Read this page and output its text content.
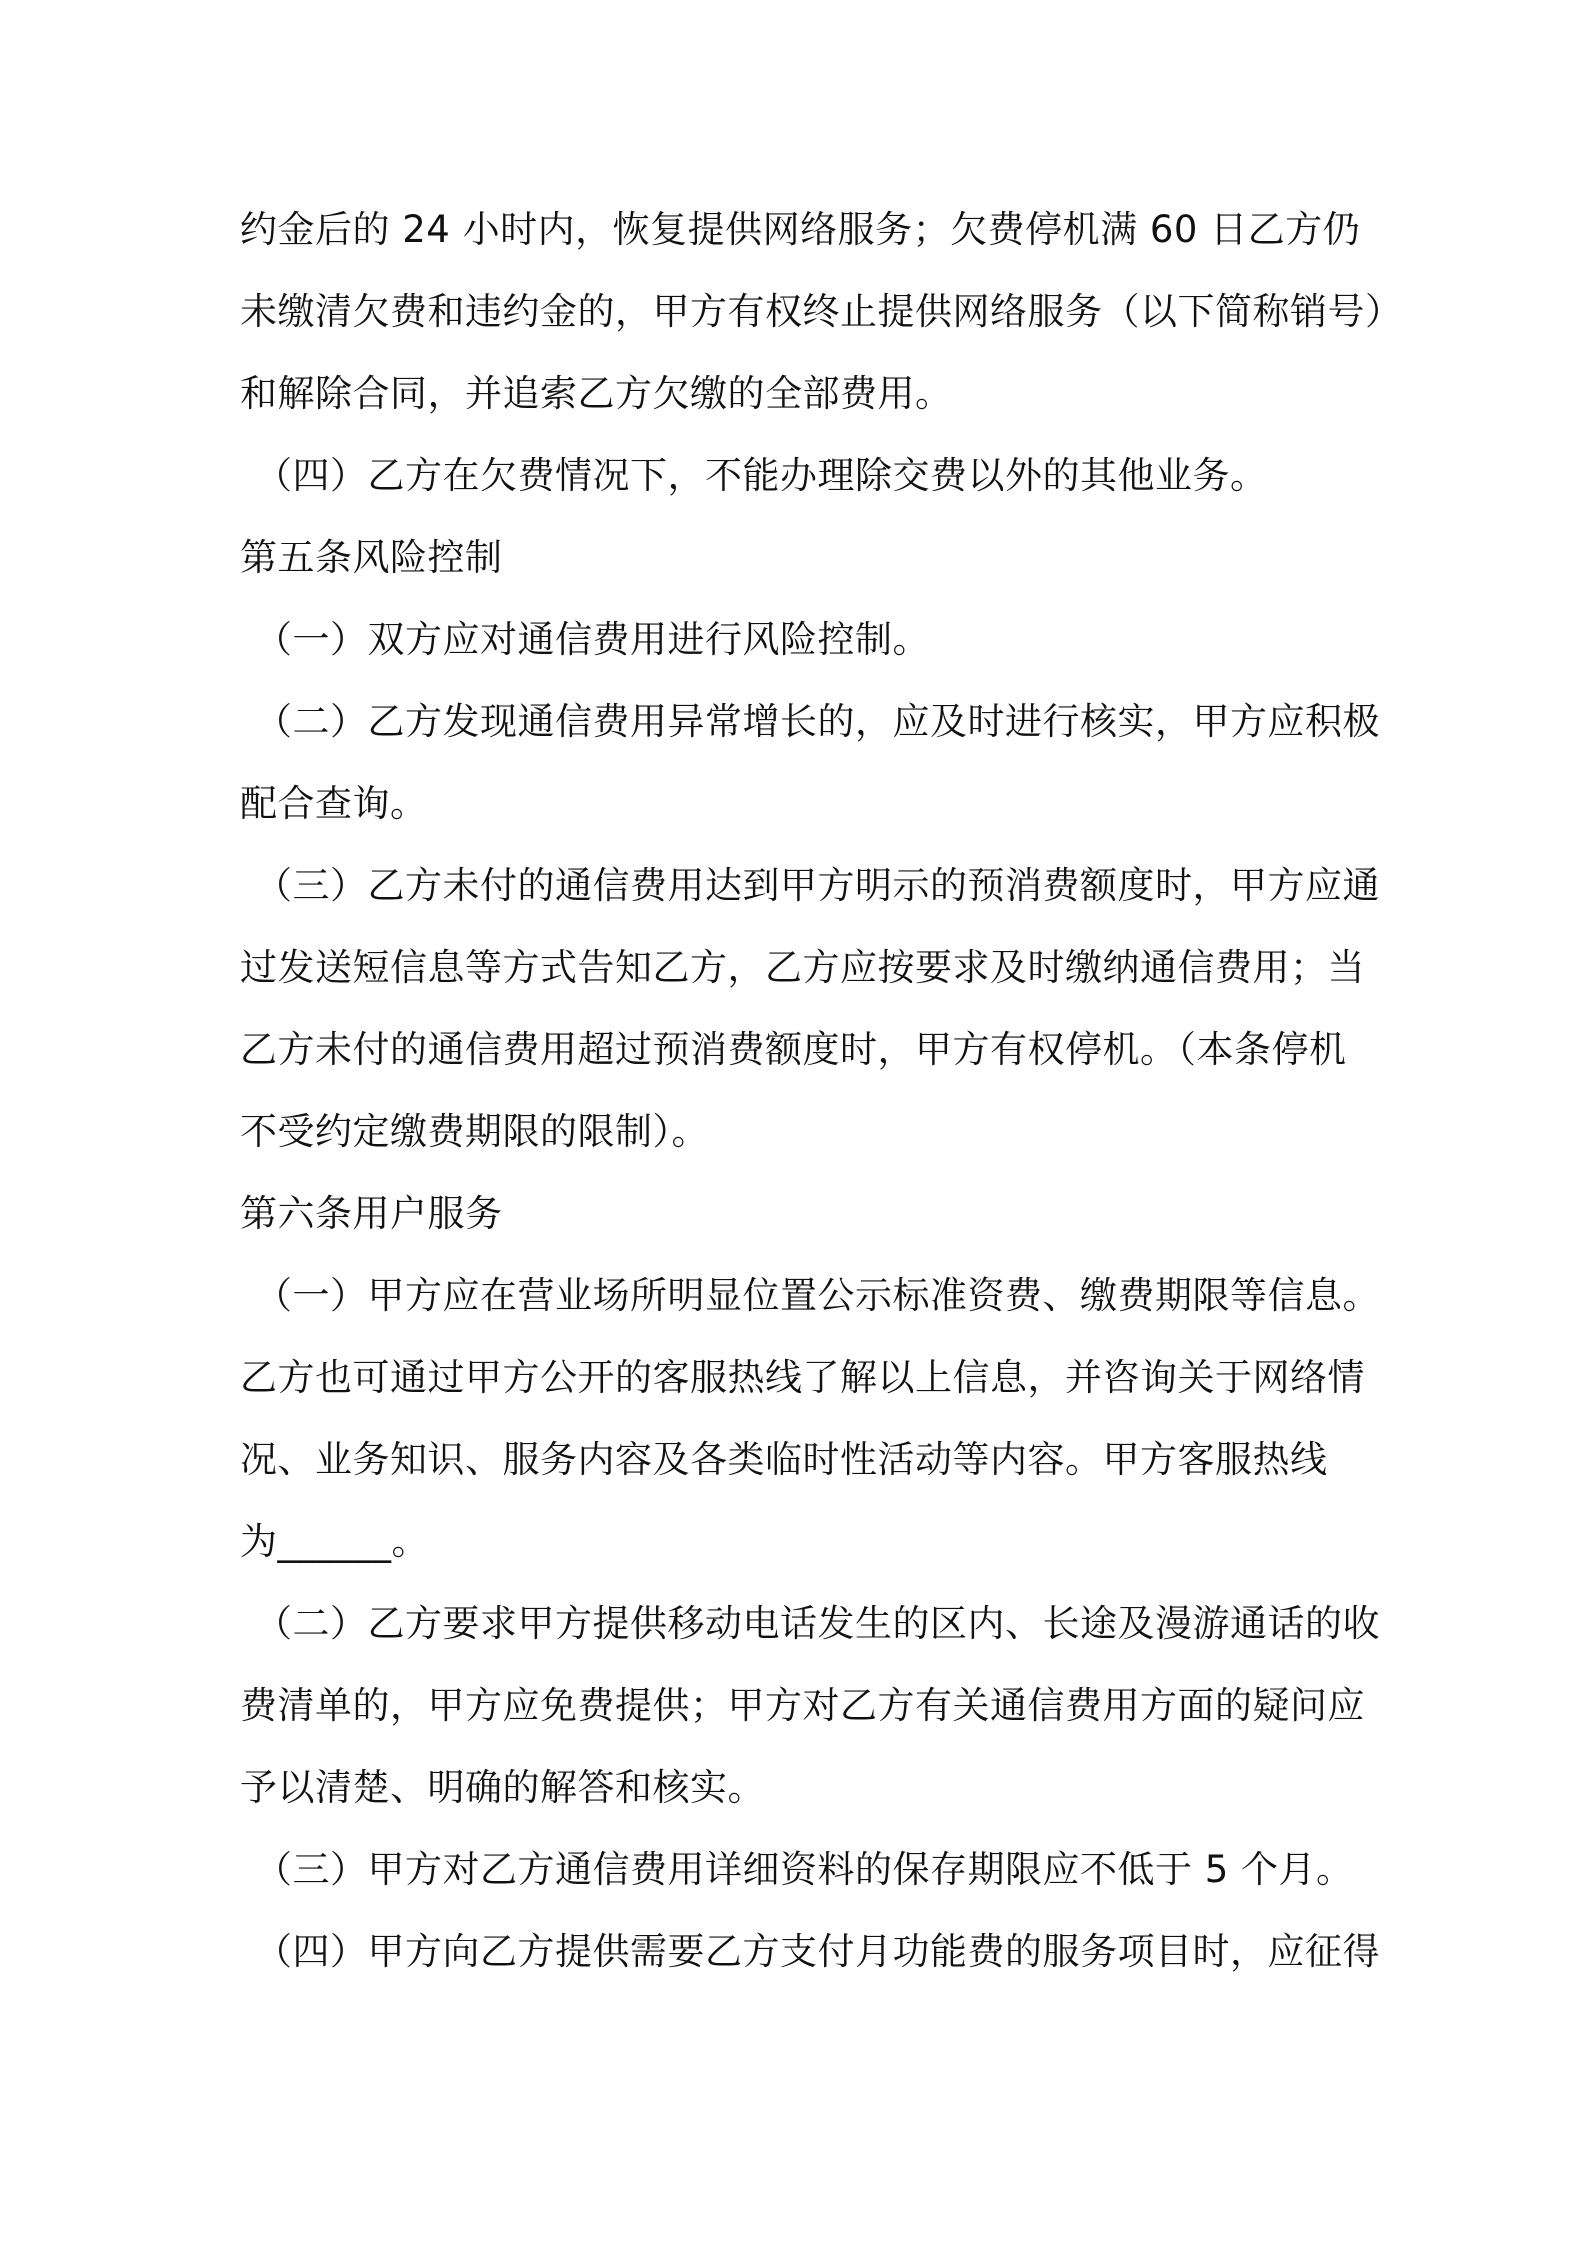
约金后的 24 小时内，恢复提供网络服务；欠费停机满 60 日乙方仍
未缴清欠费和违约金的，甲方有权终止提供网络服务（以下简称销号）
和解除合同，并追索乙方欠缴的全部费用。
（四）乙方在欠费情况下，不能办理除交费以外的其他业务。
第五条风险控制
（一）双方应对通信费用进行风险控制。
（二）乙方发现通信费用异常增长的，应及时进行核实，甲方应积极
配合查询。
（三）乙方未付的通信费用达到甲方明示的预消费额度时，甲方应通
过发送短信息等方式告知乙方，乙方应按要求及时缴纳通信费用；当
乙方未付的通信费用超过预消费额度时，甲方有权停机。（本条停机
不受约定缴费期限的限制）。
第六条用户服务
（一）甲方应在营业场所明显位置公示标准资费、缴费期限等信息。
乙方也可通过甲方公开的客服热线了解以上信息，并咨询关于网络情
况、业务知识、服务内容及各类临时性活动等内容。甲方客服热线
为______。
（二）乙方要求甲方提供移动电话发生的区内、长途及漫游通话的收
费清单的，甲方应免费提供；甲方对乙方有关通信费用方面的疑问应
予以清楚、明确的解答和核实。
（三）甲方对乙方通信费用详细资料的保存期限应不低于 5 个月。
（四）甲方向乙方提供需要乙方支付月功能费的服务项目时，应征得
